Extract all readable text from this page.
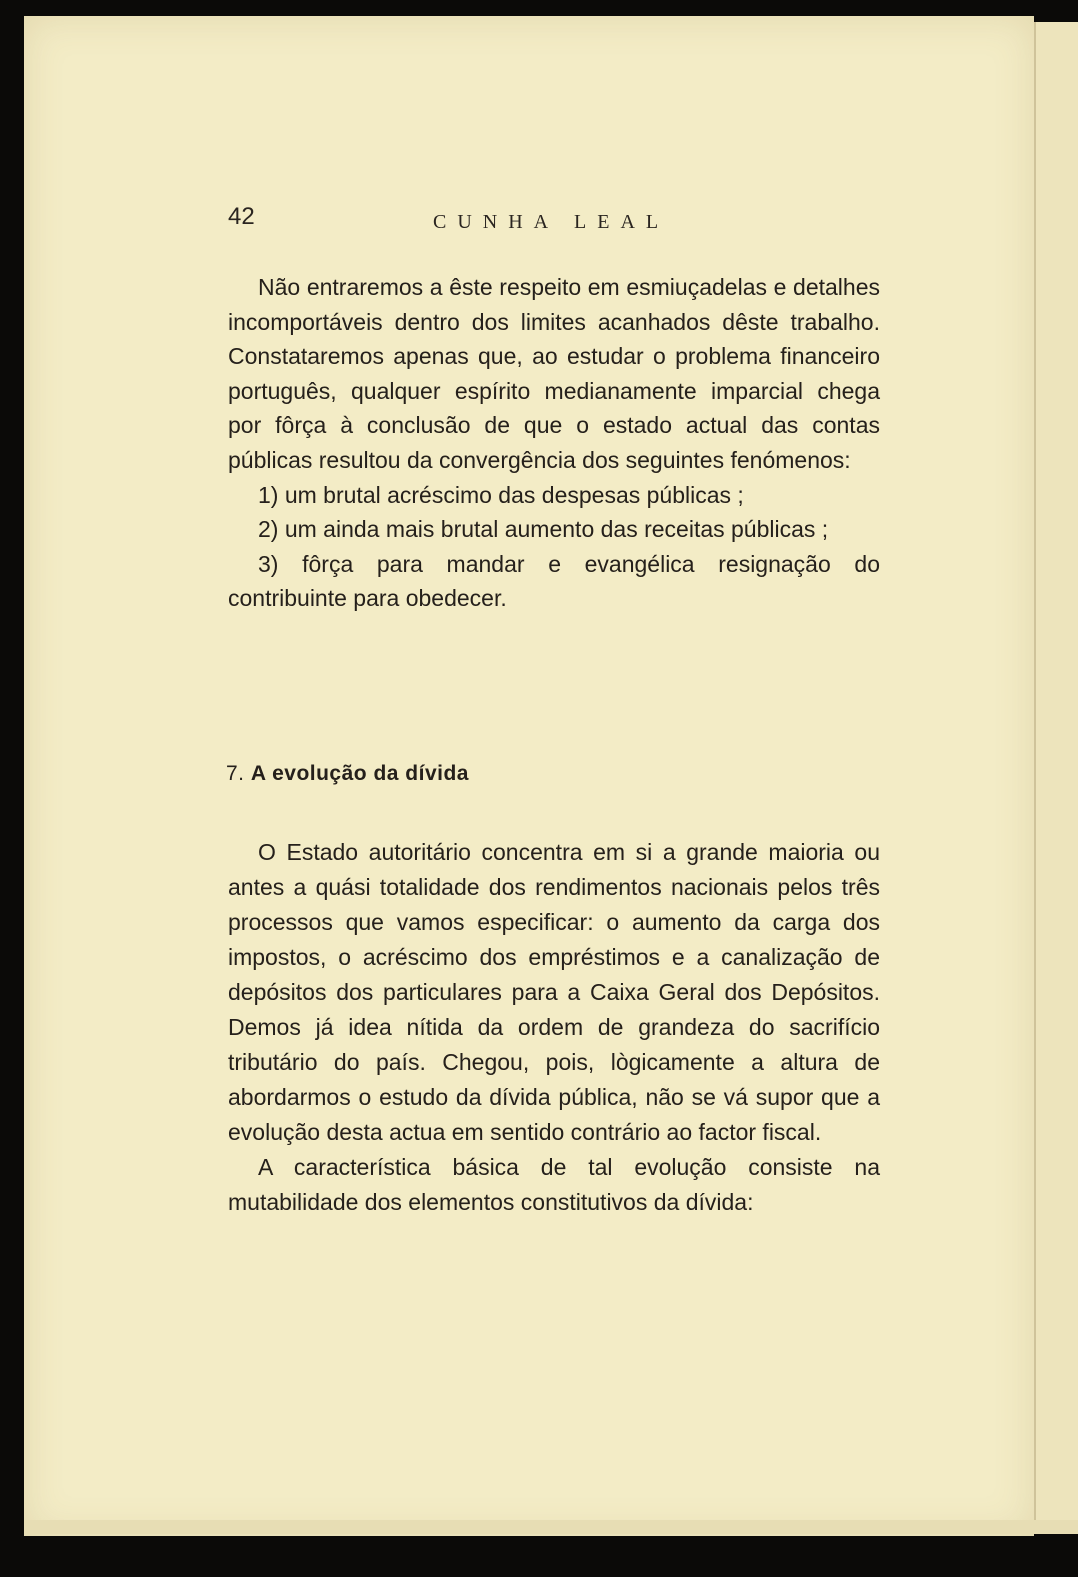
42	CUNHA LEAL

Não entraremos a êste respeito em esmiuçadelas e detalhes incomportáveis dentro dos limites acanhados dêste trabalho. Constataremos apenas que, ao estudar o problema financeiro português, qualquer espírito medianamente imparcial chega por fôrça à conclusão de que o estado actual das contas públicas resultou da convergência dos seguintes fenómenos:

1) um brutal acréscimo das despesas públicas ;

2) um ainda mais brutal aumento das receitas públicas ;

3) fôrça para mandar e evangélica resignação do contribuinte para obedecer.

7. A evolução da dívida

O Estado autoritário concentra em si a grande maioria ou antes a quási totalidade dos rendimentos nacionais pelos três processos que vamos especificar: o aumento da carga dos impostos, o acréscimo dos empréstimos e a canalização de depósitos dos particulares para a Caixa Geral dos Depósitos. Demos já idea nítida da ordem de grandeza do sacrifício tributário do país. Chegou, pois, lògicamente a altura de abordarmos o estudo da dívida pública, não se vá supor que a evolução desta actua em sentido contrário ao factor fiscal.

A característica básica de tal evolução consiste na mutabilidade dos elementos constitutivos da dívida:
